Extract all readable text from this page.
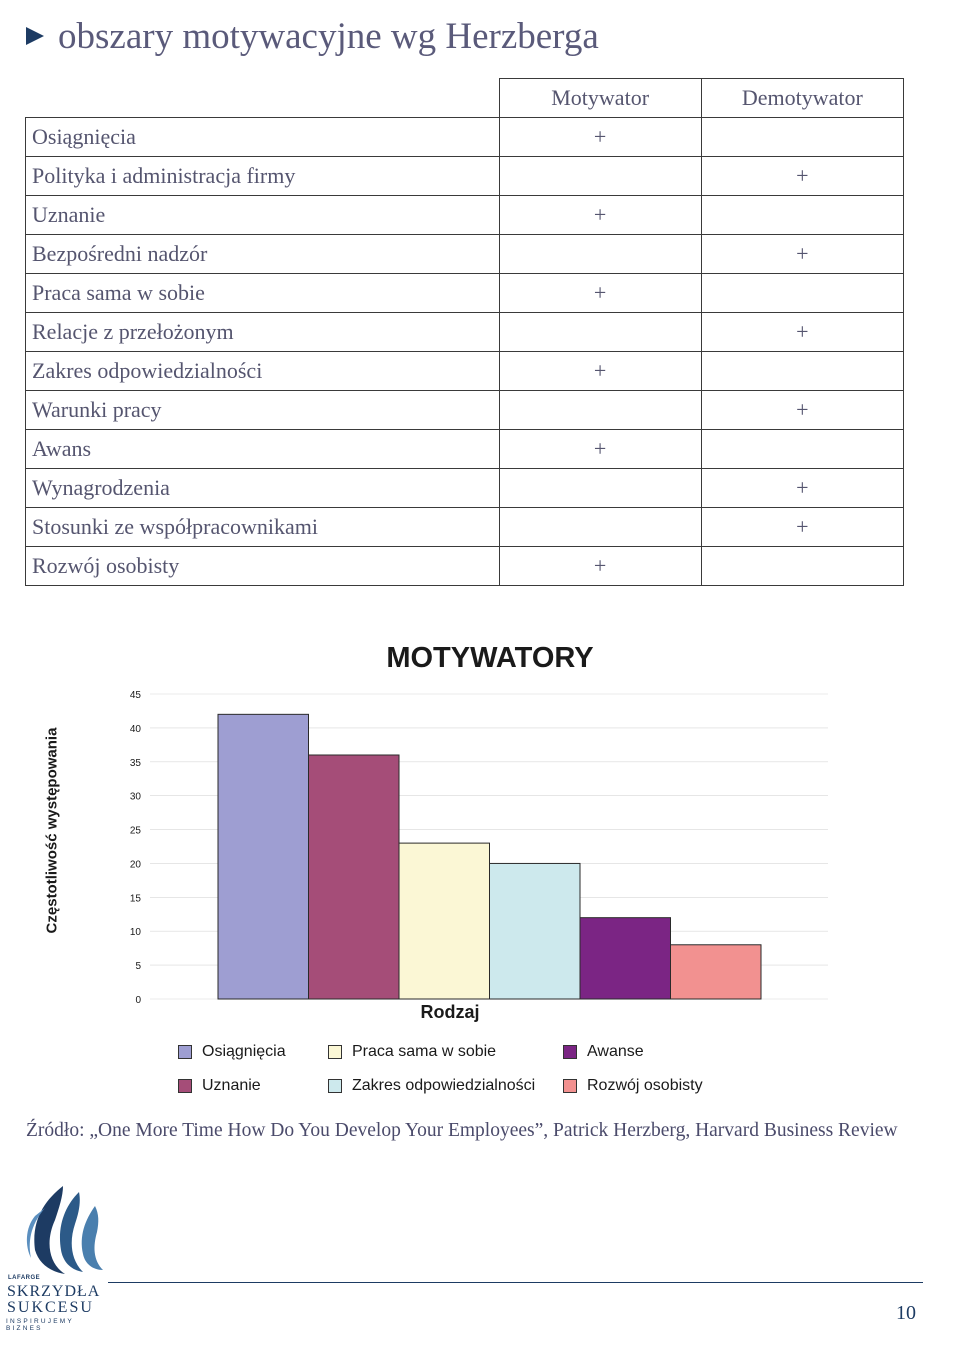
obszary motywacyjne wg Herzberga
	Motywator	Demotywator
Osiągnięcia	+	
Polityka i administracja firmy		+
Uznanie	+	
Bezpośredni nadzór		+
Praca sama w sobie	+	
Relacje z przełożonym		+
Zakres odpowiedzialności	+	
Warunki pracy		+
Awans	+	
Wynagrodzenia		+
Stosunki ze współpracownikami		+
Rozwój osobisty	+	
MOTYWATORY
0
5
10
15
20
25
30
35
40
45
Częstotliwość występowania
Rodzaj
Osiągnięcia
Uznanie
Praca sama w sobie
Zakres odpowiedzialności
Awanse
Rozwój osobisty
Źródło: „One More Time How Do You Develop Your Employees”, Patrick Herzberg, Harvard Business Review
LAFARGE
SKRZYDŁA
SUKCESU
INSPIRUJEMY BIZNES
10
